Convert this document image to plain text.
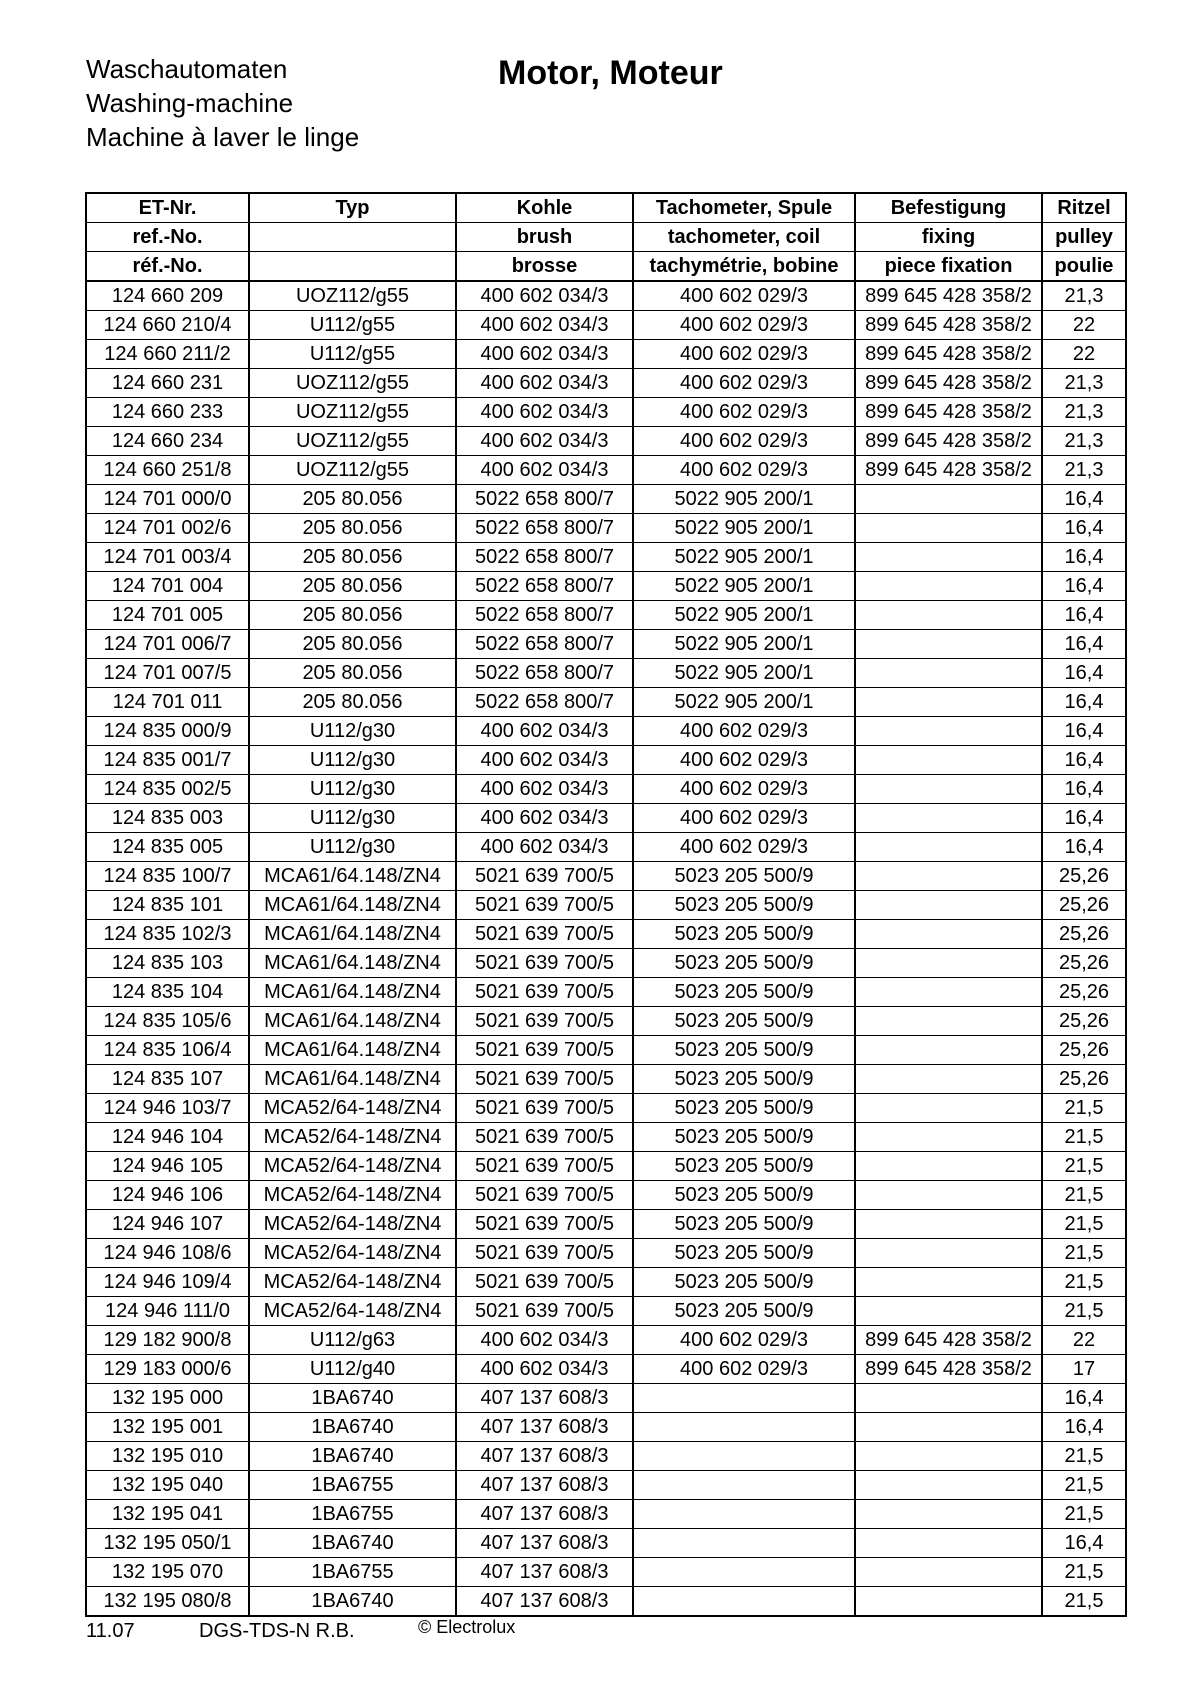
Waschautomaten
Washing-machine
Machine à laver le linge
Motor, Moteur
ET-Nr.	Typ	Kohle	Tachometer, Spule	Befestigung	Ritzel
ref.-No.		brush	tachometer, coil	fixing	pulley
réf.-No.		brosse	tachymétrie, bobine	piece fixation	poulie
124 660 209	UOZ112/g55	400 602 034/3	400 602 029/3	899 645 428 358/2	21,3
124 660 210/4	U112/g55	400 602 034/3	400 602 029/3	899 645 428 358/2	22
124 660 211/2	U112/g55	400 602 034/3	400 602 029/3	899 645 428 358/2	22
124 660 231	UOZ112/g55	400 602 034/3	400 602 029/3	899 645 428 358/2	21,3
124 660 233	UOZ112/g55	400 602 034/3	400 602 029/3	899 645 428 358/2	21,3
124 660 234	UOZ112/g55	400 602 034/3	400 602 029/3	899 645 428 358/2	21,3
124 660 251/8	UOZ112/g55	400 602 034/3	400 602 029/3	899 645 428 358/2	21,3
124 701 000/0	205 80.056	5022 658 800/7	5022 905 200/1		16,4
124 701 002/6	205 80.056	5022 658 800/7	5022 905 200/1		16,4
124 701 003/4	205 80.056	5022 658 800/7	5022 905 200/1		16,4
124 701 004	205 80.056	5022 658 800/7	5022 905 200/1		16,4
124 701 005	205 80.056	5022 658 800/7	5022 905 200/1		16,4
124 701 006/7	205 80.056	5022 658 800/7	5022 905 200/1		16,4
124 701 007/5	205 80.056	5022 658 800/7	5022 905 200/1		16,4
124 701 011	205 80.056	5022 658 800/7	5022 905 200/1		16,4
124 835 000/9	U112/g30	400 602 034/3	400 602 029/3		16,4
124 835 001/7	U112/g30	400 602 034/3	400 602 029/3		16,4
124 835 002/5	U112/g30	400 602 034/3	400 602 029/3		16,4
124 835 003	U112/g30	400 602 034/3	400 602 029/3		16,4
124 835 005	U112/g30	400 602 034/3	400 602 029/3		16,4
124 835 100/7	MCA61/64.148/ZN4	5021 639 700/5	5023 205 500/9		25,26
124 835 101	MCA61/64.148/ZN4	5021 639 700/5	5023 205 500/9		25,26
124 835 102/3	MCA61/64.148/ZN4	5021 639 700/5	5023 205 500/9		25,26
124 835 103	MCA61/64.148/ZN4	5021 639 700/5	5023 205 500/9		25,26
124 835 104	MCA61/64.148/ZN4	5021 639 700/5	5023 205 500/9		25,26
124 835 105/6	MCA61/64.148/ZN4	5021 639 700/5	5023 205 500/9		25,26
124 835 106/4	MCA61/64.148/ZN4	5021 639 700/5	5023 205 500/9		25,26
124 835 107	MCA61/64.148/ZN4	5021 639 700/5	5023 205 500/9		25,26
124 946 103/7	MCA52/64-148/ZN4	5021 639 700/5	5023 205 500/9		21,5
124 946 104	MCA52/64-148/ZN4	5021 639 700/5	5023 205 500/9		21,5
124 946 105	MCA52/64-148/ZN4	5021 639 700/5	5023 205 500/9		21,5
124 946 106	MCA52/64-148/ZN4	5021 639 700/5	5023 205 500/9		21,5
124 946 107	MCA52/64-148/ZN4	5021 639 700/5	5023 205 500/9		21,5
124 946 108/6	MCA52/64-148/ZN4	5021 639 700/5	5023 205 500/9		21,5
124 946 109/4	MCA52/64-148/ZN4	5021 639 700/5	5023 205 500/9		21,5
124 946 111/0	MCA52/64-148/ZN4	5021 639 700/5	5023 205 500/9		21,5
129 182 900/8	U112/g63	400 602 034/3	400 602 029/3	899 645 428 358/2	22
129 183 000/6	U112/g40	400 602 034/3	400 602 029/3	899 645 428 358/2	17
132 195 000	1BA6740	407 137 608/3			16,4
132 195 001	1BA6740	407 137 608/3			16,4
132 195 010	1BA6740	407 137 608/3			21,5
132 195 040	1BA6755	407 137 608/3			21,5
132 195 041	1BA6755	407 137 608/3			21,5
132 195 050/1	1BA6740	407 137 608/3			16,4
132 195 070	1BA6755	407 137 608/3			21,5
132 195 080/8	1BA6740	407 137 608/3			21,5
11.07	DGS-TDS-N R.B.	© Electrolux
